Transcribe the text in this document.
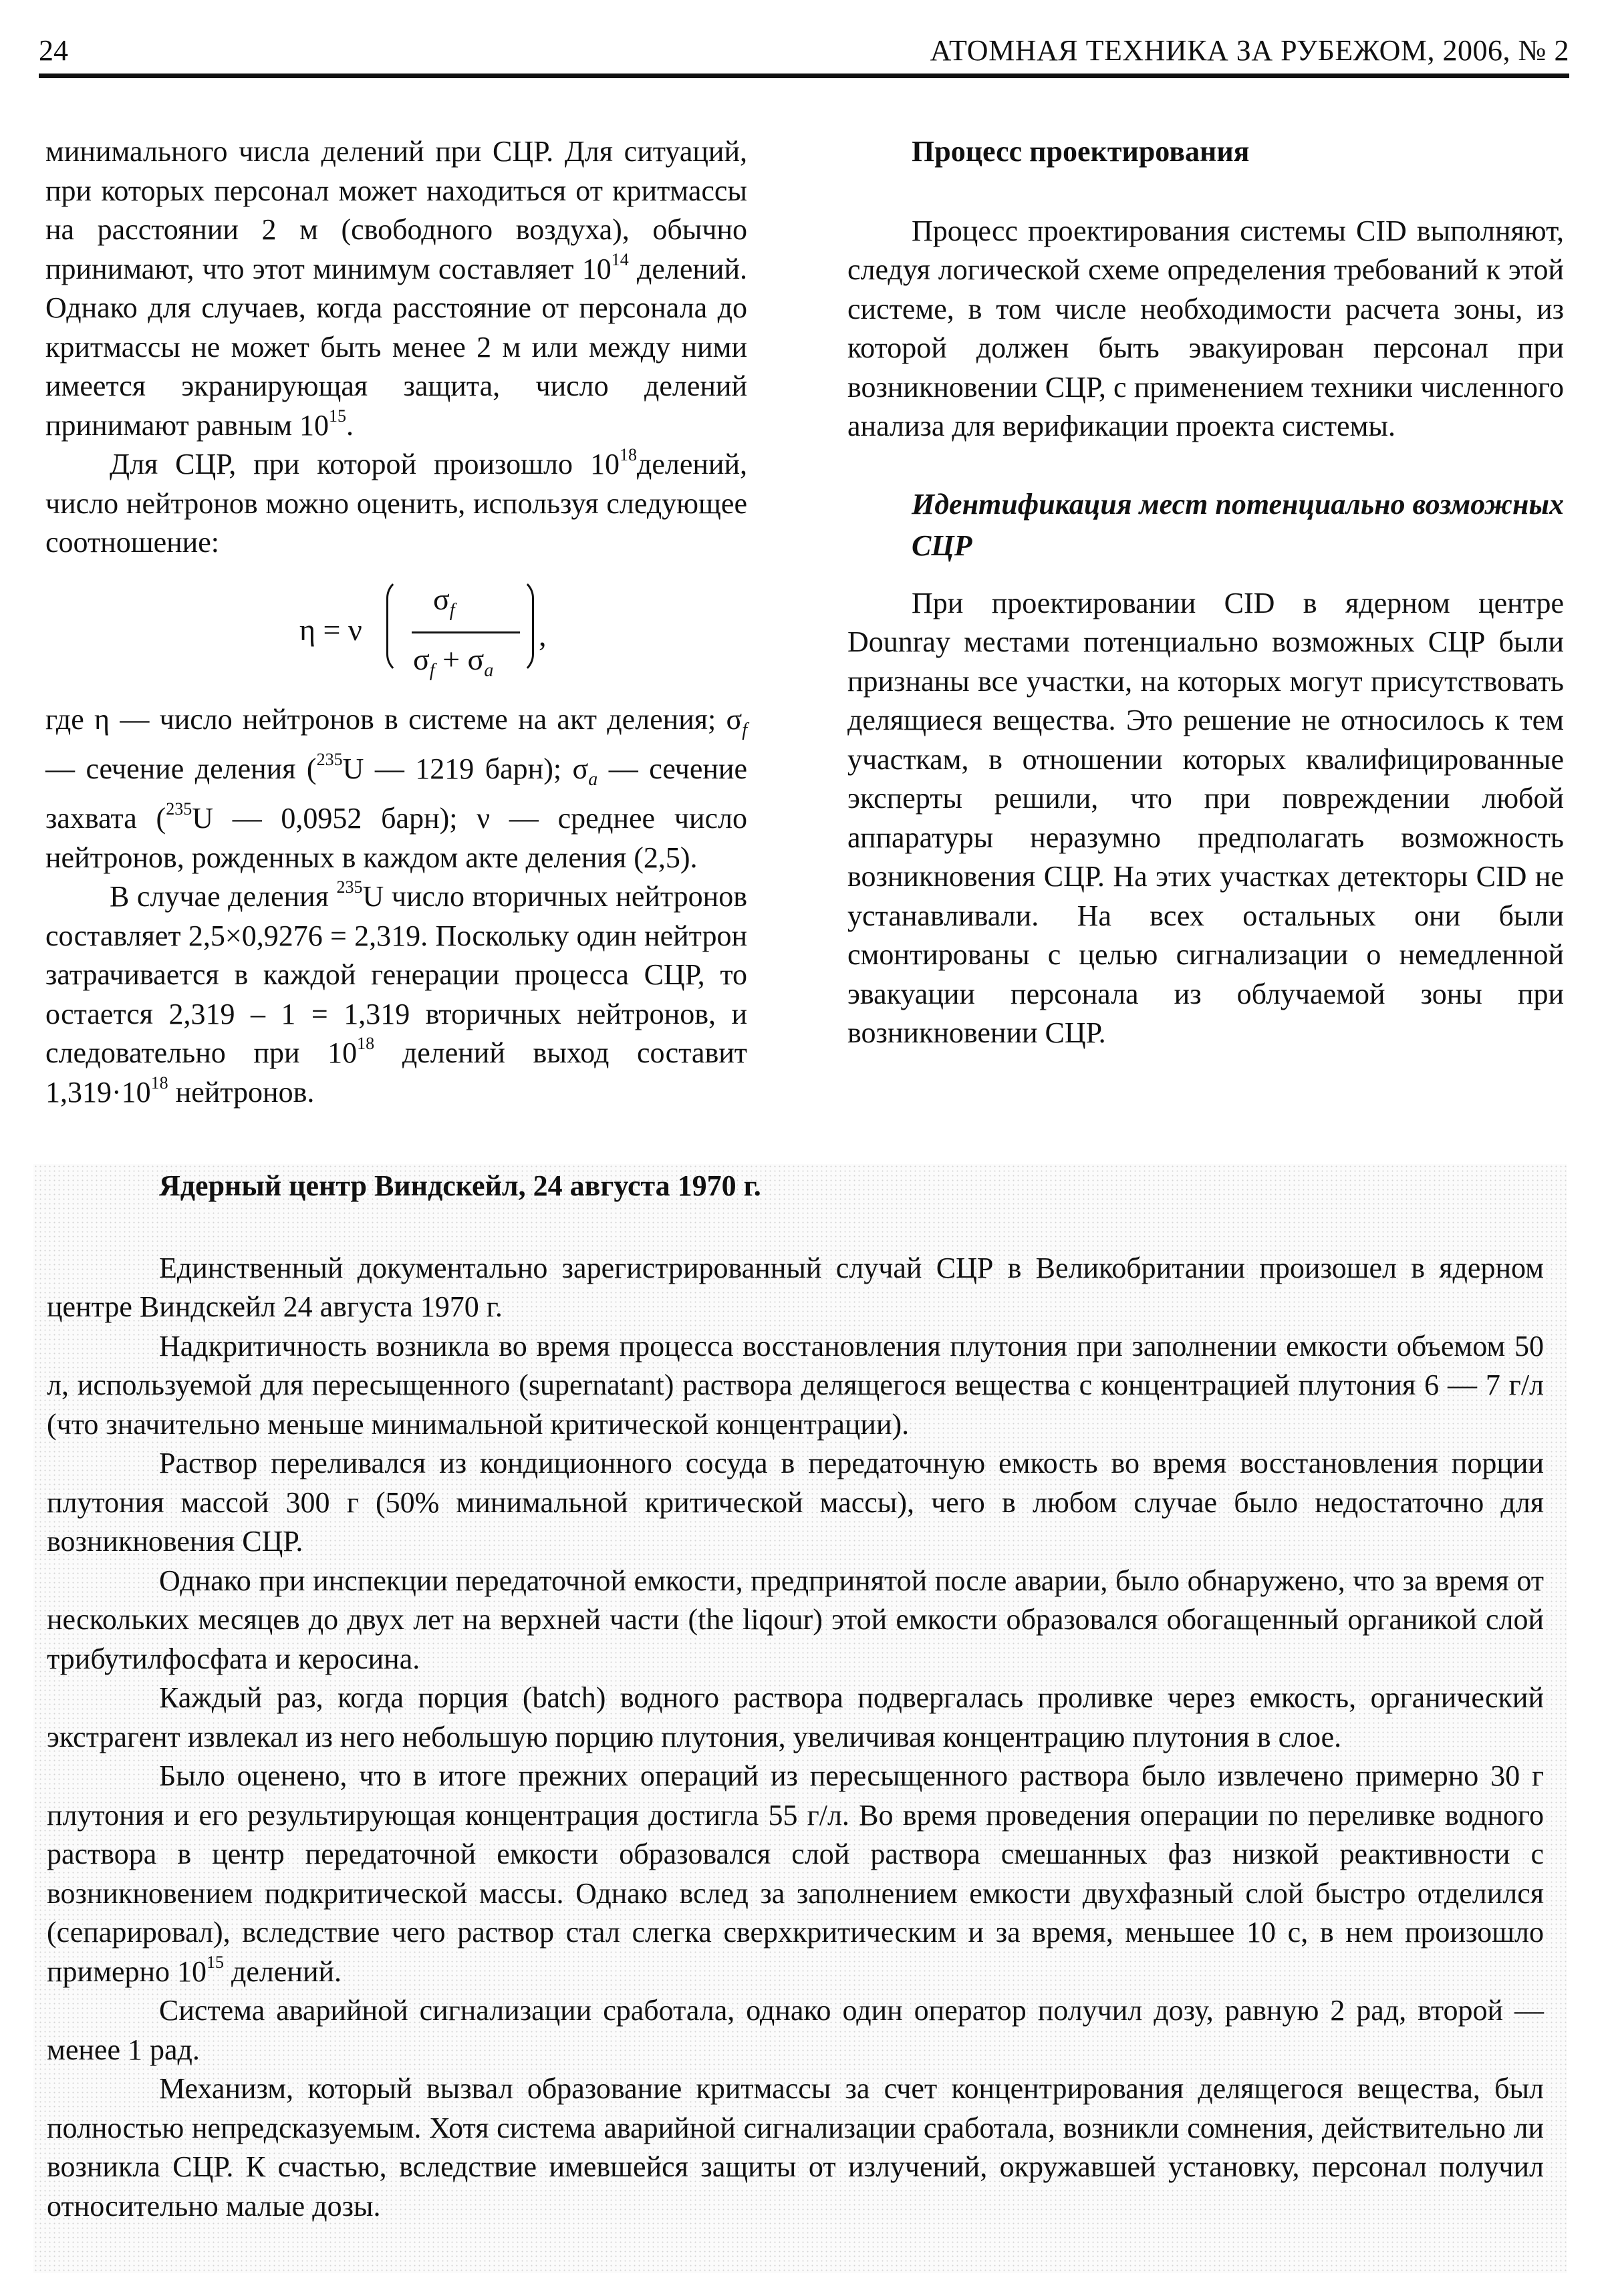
24	АТОМНАЯ ТЕХНИКА ЗА РУБЕЖОМ, 2006, № 2

минимального числа делений при СЦР. Для ситуаций, при которых персонал может находиться от критмассы на расстоянии 2 м (свободного воздуха), обычно принимают, что этот минимум составляет $10^{14}$ делений. Однако для случаев, когда расстояние от персонала до критмассы не может быть менее 2 м или между ними имеется экранирующая защита, число делений принимают равным $10^{15}$.

Для СЦР, при которой произошло $10^{18}делений$, число нейтронов можно оценить, используя следующее соотношение:

η = ν
$\sigma_f$
$\sigma_f + \sigma_a$
,

где η — число нейтронов в системе на акт деления; $\sigma_f$ — сечение деления ($^{235}$U — 1219 барн); $\sigma_a$ — сечение захвата ($^{235}$U — 0,0952 барн); ν — среднее число нейтронов, рожденных в каждом акте деления (2,5).

В случае деления $^{235}$U число вторичных нейтронов составляет 2,5×0,9276 = 2,319. Поскольку один нейтрон затрачивается в каждой генерации процесса СЦР, то остается 2,319 – 1 = 1,319 вторичных нейтронов, и следовательно при $10^{18}$ делений выход составит $1,319\cdot 10^{18}$ нейтронов.

Процесс проектирования

Процесс проектирования системы CID выполняют, следуя логической схеме определения требований к этой системе, в том числе необходимости расчета зоны, из которой должен быть эвакуирован персонал при возникновении СЦР, с применением техники численного анализа для верификации проекта системы.

Идентификация мест потенциально возможных СЦР

При проектировании CID в ядерном центре Dounray местами потенциально возможных СЦР были признаны все участки, на которых могут присутствовать делящиеся вещества. Это решение не относилось к тем участкам, в отношении которых квалифицированные эксперты решили, что при повреждении любой аппаратуры неразумно предполагать возможность возникновения СЦР. На этих участках детекторы CID не устанавливали. На всех остальных они были смонтированы с целью сигнализации о немедленной эвакуации персонала из облучаемой зоны при возникновении СЦР.

Ядерный центр Виндскейл, 24 августа 1970 г.

Единственный документально зарегистрированный случай СЦР в Великобритании произошел в ядерном центре Виндскейл 24 августа 1970 г.

Надкритичность возникла во время процесса восстановления плутония при заполнении емкости объемом 50 л, используемой для пересыщенного (supernatant) раствора делящегося вещества с концентрацией плутония 6 — 7 г/л (что значительно меньше минимальной критической концентрации).

Раствор переливался из кондиционного сосуда в передаточную емкость во время восстановления порции плутония массой 300 г (50% минимальной критической массы), чего в любом случае было недостаточно для возникновения СЦР.

Однако при инспекции передаточной емкости, предпринятой после аварии, было обнаружено, что за время от нескольких месяцев до двух лет на верхней части (the liqour) этой емкости образовался обогащенный органикой слой трибутилфосфата и керосина.

Каждый раз, когда порция (batch) водного раствора подвергалась проливке через емкость, органический экстрагент извлекал из него небольшую порцию плутония, увеличивая концентрацию плутония в слое.

Было оценено, что в итоге прежних операций из пересыщенного раствора было извлечено примерно 30 г плутония и его результирующая концентрация достигла 55 г/л. Во время проведения операции по переливке водного раствора в центр передаточной емкости образовался слой раствора смешанных фаз низкой реактивности с возникновением подкритической массы. Однако вслед за заполнением емкости двухфазный слой быстро отделился (сепарировал), вследствие чего раствор стал слегка сверхкритическим и за время, меньшее 10 с, в нем произошло примерно $10^{15}$ делений.

Система аварийной сигнализации сработала, однако один оператор получил дозу, равную 2 рад, второй — менее 1 рад.

Механизм, который вызвал образование критмассы за счет концентрирования делящегося вещества, был полностью непредсказуемым. Хотя система аварийной сигнализации сработала, возникли сомнения, действительно ли возникла СЦР. К счастью, вследствие имевшейся защиты от излучений, окружавшей установку, персонал получил относительно малые дозы.
